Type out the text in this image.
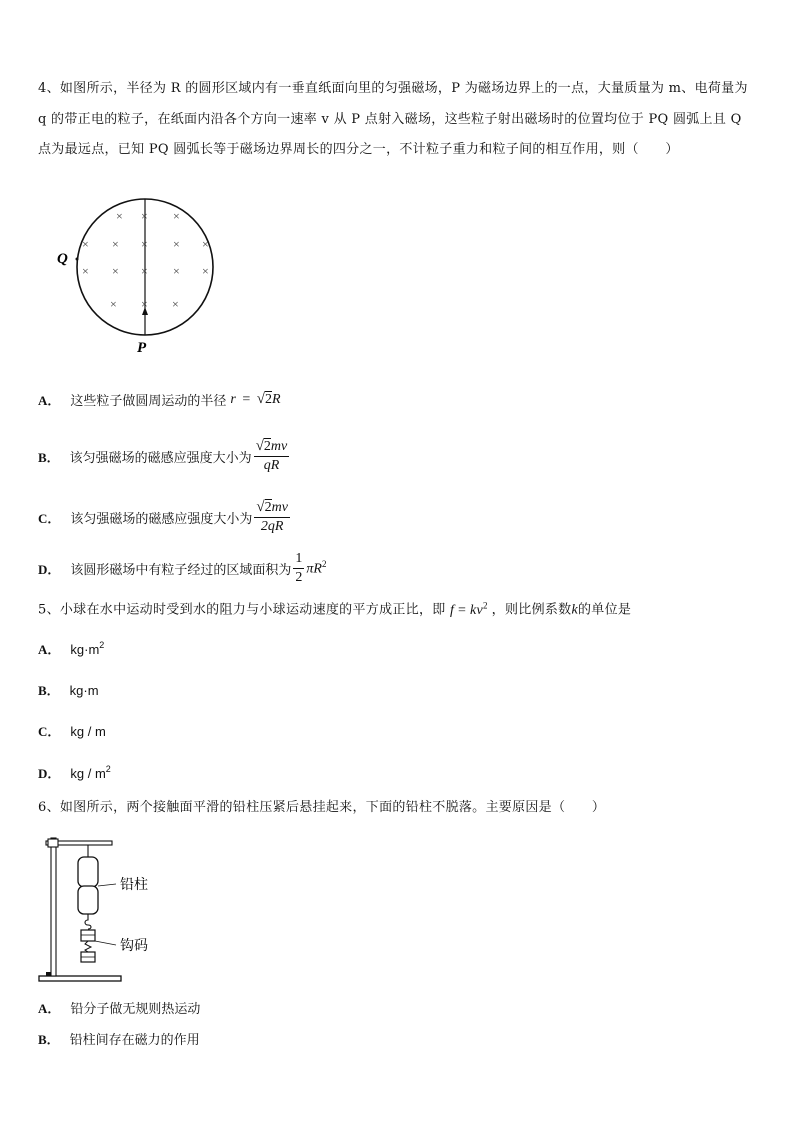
4、如图所示，半径为 R 的圆形区域内有一垂直纸面向里的匀强磁场，P 为磁场边界上的一点，大量质量为 m、电荷量为 q 的带正电的粒子，在纸面内沿各个方向一速率 v 从 P 点射入磁场，这些粒子射出磁场时的位置均位于 PQ 圆弧上且 Q 点为最远点，已知 PQ 圆弧长等于磁场边界周长的四分之一，不计粒子重力和粒子间的相互作用，则（　　）
× × ×
× × × × ×
× × × × ×
× × ×
Q
P
A． 这些粒子做圆周运动的半径 r = √2R
B． 该匀强磁场的磁感应强度大小为 $\frac{√2mv}{qR}$
C． 该匀强磁场的磁感应强度大小为 $\frac{√2mv}{2qR}$
D． 该圆形磁场中有粒子经过的区域面积为 $\frac{1}{2} \pi R^2$
5、小球在水中运动时受到水的阻力与小球运动速度的平方成正比，即 $f = kv^2$ ，则比例系数k的单位是
A． $kg\cdot m^2$
B． kg·m
C． kg / m
D． kg / $m^2$
6、如图所示，两个接触面平滑的铅柱压紧后悬挂起来，下面的铅柱不脱落。主要原因是（　　）
铅柱
钩码
A． 铅分子做无规则热运动
B． 铅柱间存在磁力的作用
